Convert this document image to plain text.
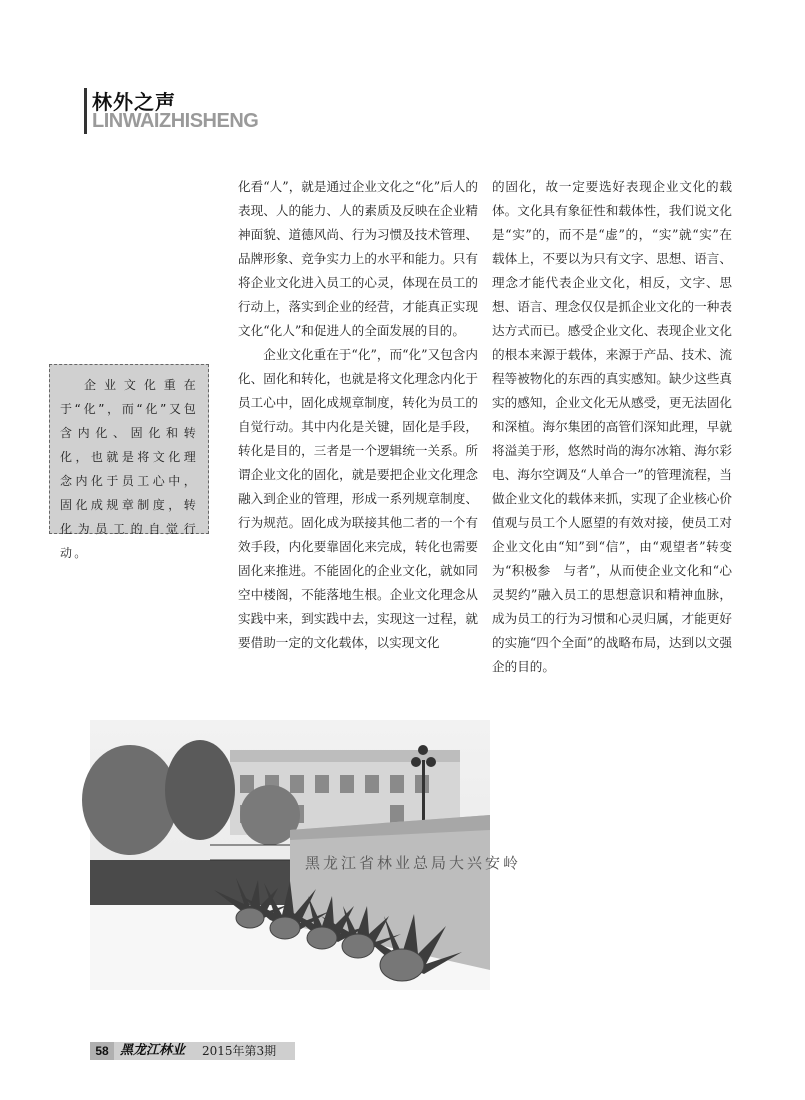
林外之声
LINWAIZHISHENG

企业文化重在于“化”，而“化”又包含内化、固化和转化，也就是将文化理念内化于员工心中，固化成规章制度，转化为员工的自觉行动。

化看“人”，就是通过企业文化之“化”后人的表现、人的能力、人的素质及反映在企业精神面貌、道德风尚、行为习惯及技术管理、品牌形象、竞争实力上的水平和能力。只有将企业文化进入员工的心灵，体现在员工的行动上，落实到企业的经营，才能真正实现文化“化人”和促进人的全面发展的目的。

企业文化重在于“化”，而“化”又包含内化、固化和转化，也就是将文化理念内化于员工心中，固化成规章制度，转化为员工的自觉行动。其中内化是关键，固化是手段，转化是目的，三者是一个逻辑统一关系。所谓企业文化的固化，就是要把企业文化理念融入到企业的管理，形成一系列规章制度、行为规范。固化成为联接其他二者的一个有效手段，内化要靠固化来完成，转化也需要固化来推进。不能固化的企业文化，就如同空中楼阁，不能落地生根。企业文化理念从实践中来，到实践中去，实现这一过程，就要借助一定的文化载体，以实现文化

的固化，故一定要选好表现企业文化的载体。文化具有象征性和载体性，我们说文化是“实”的，而不是“虚”的，“实”就“实”在载体上，不要以为只有文字、思想、语言、理念才能代表企业文化，相反，文字、思想、语言、理念仅仅是抓企业文化的一种表达方式而已。感受企业文化、表现企业文化的根本来源于载体，来源于产品、技术、流程等被物化的东西的真实感知。缺少这些真实的感知，企业文化无从感受，更无法固化和深植。海尔集团的高管们深知此理，早就将溢美于形，悠然时尚的海尔冰箱、海尔彩电、海尔空调及“人单合一”的管理流程，当做企业文化的载体来抓，实现了企业核心价值观与员工个人愿望的有效对接，使员工对企业文化由“知”到“信”，由“观望者”转变为“积极参　与者”，从而使企业文化和“心灵契约”融入员工的思想意识和精神血脉，成为员工的行为习惯和心灵归属，才能更好的实施“四个全面”的战略布局，达到以文强企的目的。

黑龙江省林业总局大兴安岭
58 黑龙江林业 2015年第3期
